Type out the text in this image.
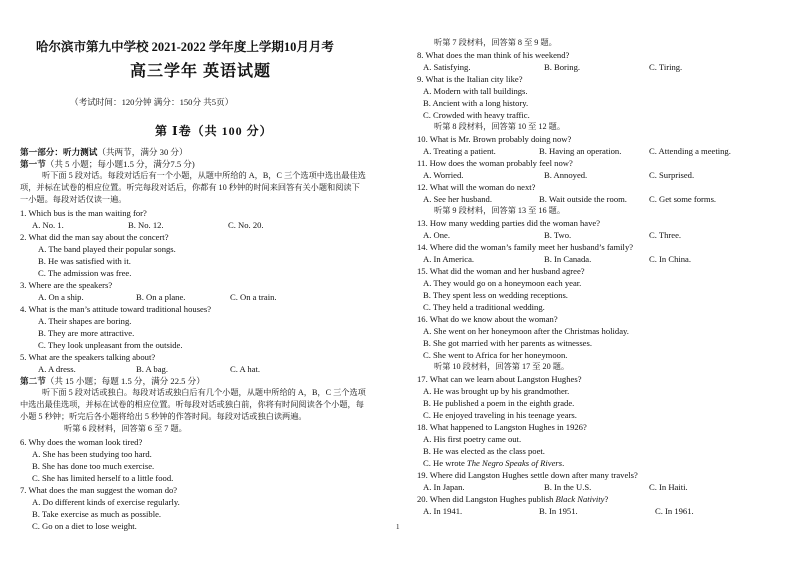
哈尔滨市第九中学校 2021-2022 学年度上学期10月月考
高三学年 英语试题
（考试时间：120分钟 满分：150分 共5页）
第 Ⅰ卷（共 100 分）
第一部分：听力测试（共两节，满分 30 分）
第一节（共 5 小题；每小题1.5 分，满分7.5 分)
听下面 5 段对话。每段对话后有一个小题，从题中所给的 A，B，C 三个选项中选出最佳选
项，并标在试卷的相应位置。听完每段对话后，你都有 10 秒钟的时间来回答有关小题和阅读下
一小题。每段对话仅读一遍。
1. Which bus is the man waiting for?
A. No. 1.	B. No. 12.	C. No. 20.
2. What did the man say about the concert?
A. The band played their popular songs.
B. He was satisfied with it.
C. The admission was free.
3. Where are the speakers?
A. On a ship.	B. On a plane.	C. On a train.
4. What is the man’s attitude toward traditional houses?
A. Their shapes are boring.
B. They are more attractive.
C. They look unpleasant from the outside.
5. What are the speakers talking about?
A. A dress.	B. A bag.	C. A hat.
第二节（共 15 小题；每题 1.5 分，满分 22.5 分）
听下面 5 段对话或独白。每段对话或独白后有几个小题，从题中所给的 A，B，C 三个选项
中选出最佳选项，并标在试卷的相应位置。听每段对话或独白前，你将有时间阅读各个小题，每
小题 5 秒钟；听完后各小题将给出 5 秒钟的作答时间。每段对话或独白读两遍。
听第 6 段材料，回答第 6 至 7 题。
6. Why does the woman look tired?
A. She has been studying too hard.
B. She has done too much exercise.
C. She has limited herself to a little food.
7. What does the man suggest the woman do?
A. Do different kinds of exercise regularly.
B. Take exercise as much as possible.
C. Go on a diet to lose weight.
听第 7 段材料，回答第 8 至 9 题。
8. What does the man think of his weekend?
A. Satisfying.	B. Boring.	C. Tiring.
9. What is the Italian city like?
A. Modern with tall buildings.
B. Ancient with a long history.
C. Crowded with heavy traffic.
听第 8 段材料，回答第 10 至 12 题。
10. What is Mr. Brown probably doing now?
A. Treating a patient.	B. Having an operation.	C. Attending a meeting.
11. How does the woman probably feel now?
A. Worried.	B. Annoyed.	C. Surprised.
12. What will the woman do next?
A. See her husband.	B. Wait outside the room.	C. Get some forms.
听第 9 段材料，回答第 13 至 16 题。
13. How many wedding parties did the woman have?
A. One.	B. Two.	C. Three.
14. Where did the woman’s family meet her husband’s family?
A. In America.	B. In Canada.	C. In China.
15. What did the woman and her husband agree?
A. They would go on a honeymoon each year.
B. They spent less on wedding receptions.
C. They held a traditional wedding.
16. What do we know about the woman?
A. She went on her honeymoon after the Christmas holiday.
B. She got married with her parents as witnesses.
C. She went to Africa for her honeymoon.
听第 10 段材料，回答第 17 至 20 题。
17. What can we learn about Langston Hughes?
A. He was brought up by his grandmother.
B. He published a poem in the eighth grade.
C. He enjoyed traveling in his teenage years.
18. What happened to Langston Hughes in 1926?
A. His first poetry came out.
B. He was elected as the class poet.
C. He wrote The Negro Speaks of Rivers.
19. Where did Langston Hughes settle down after many travels?
A. In Japan.	B. In the U.S.	C. In Haiti.
20. When did Langston Hughes publish Black Nativity?
A. In 1941.	B. In 1951.	C. In 1961.
1
